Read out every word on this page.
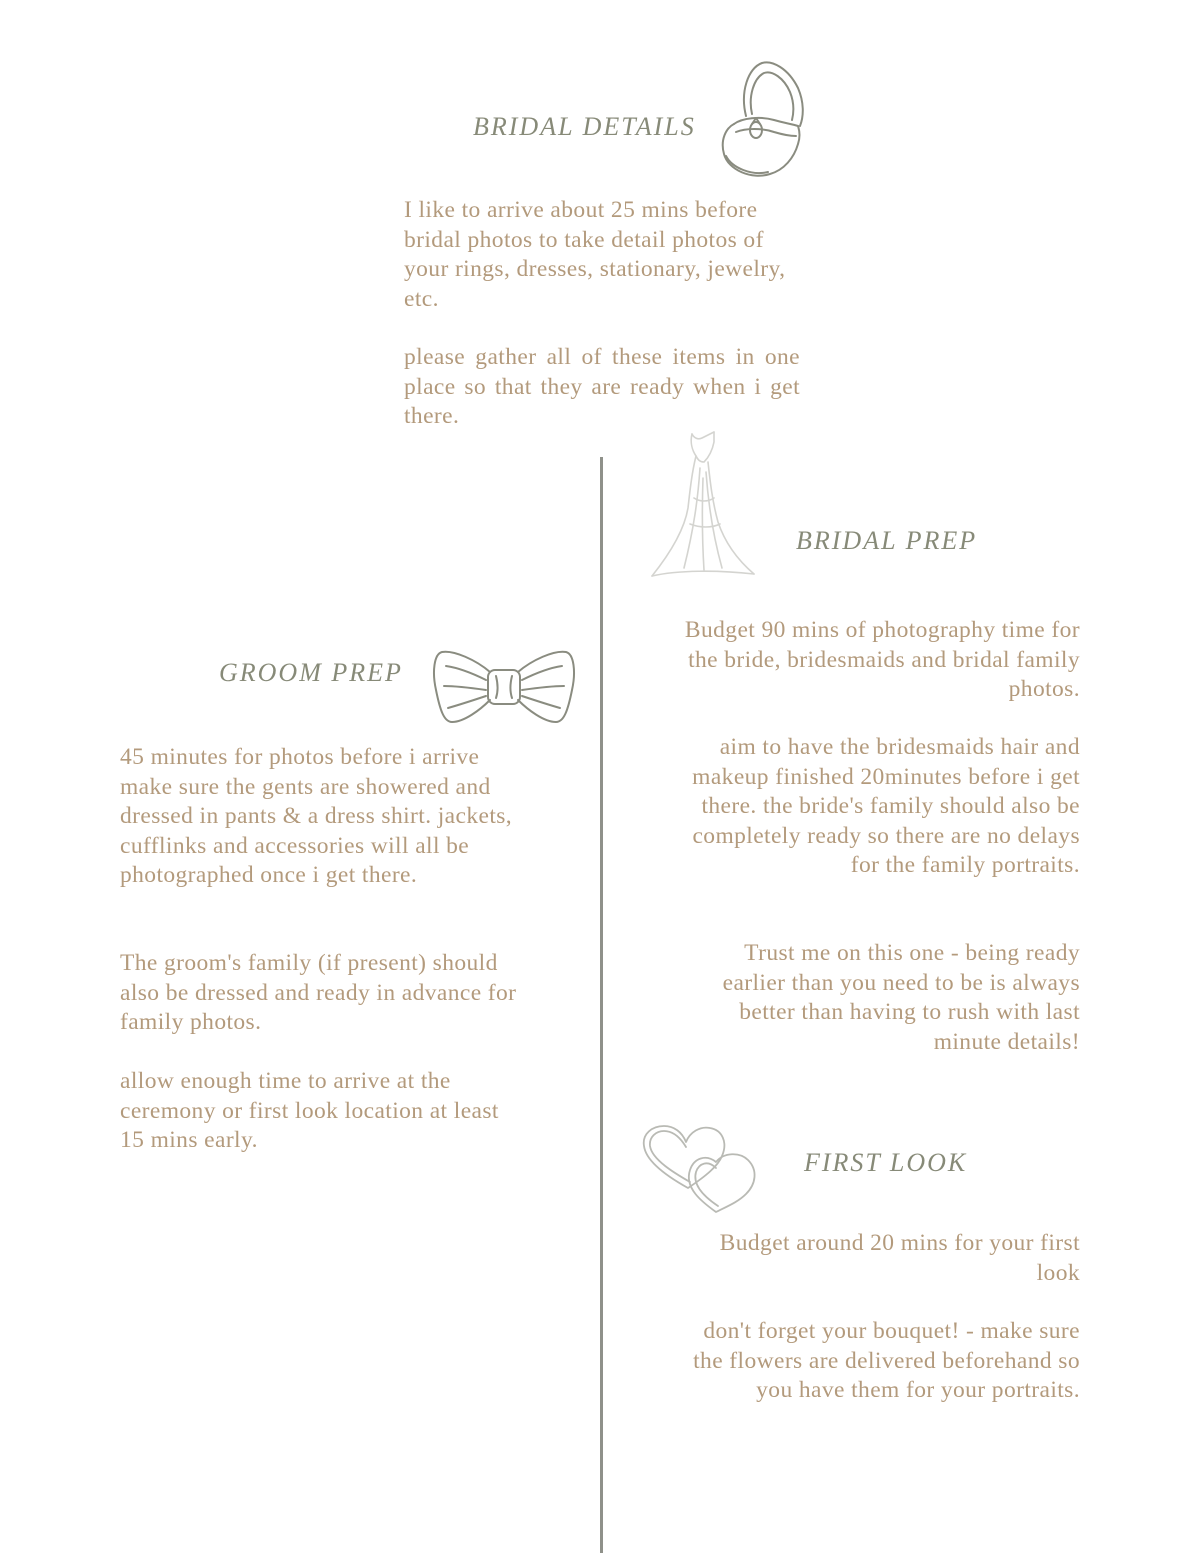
BRIDAL DETAILS

I like to arrive about 25 mins before bridal photos to take detail photos of your rings, dresses, stationary, jewelry, etc.

please gather all of these items in one place so that they are ready when i get there.

BRIDAL PREP

Budget 90 mins of photography time for the bride, bridesmaids and bridal family photos.

aim to have the bridesmaids hair and makeup finished 20minutes before i get there. the bride's family should also be completely ready so there are no delays for the family portraits.

Trust me on this one - being ready earlier than you need to be is always better than having to rush with last minute details!

GROOM PREP

45 minutes for photos before i arrive make sure the gents are showered and dressed in pants & a dress shirt. jackets, cufflinks and accessories will all be photographed once i get there.

The groom's family (if present) should also be dressed and ready in advance for family photos.

allow enough time to arrive at the ceremony or first look location at least 15 mins early.

FIRST LOOK

Budget around 20 mins for your first look

don't forget your bouquet! - make sure the flowers are delivered beforehand so you have them for your portraits.
